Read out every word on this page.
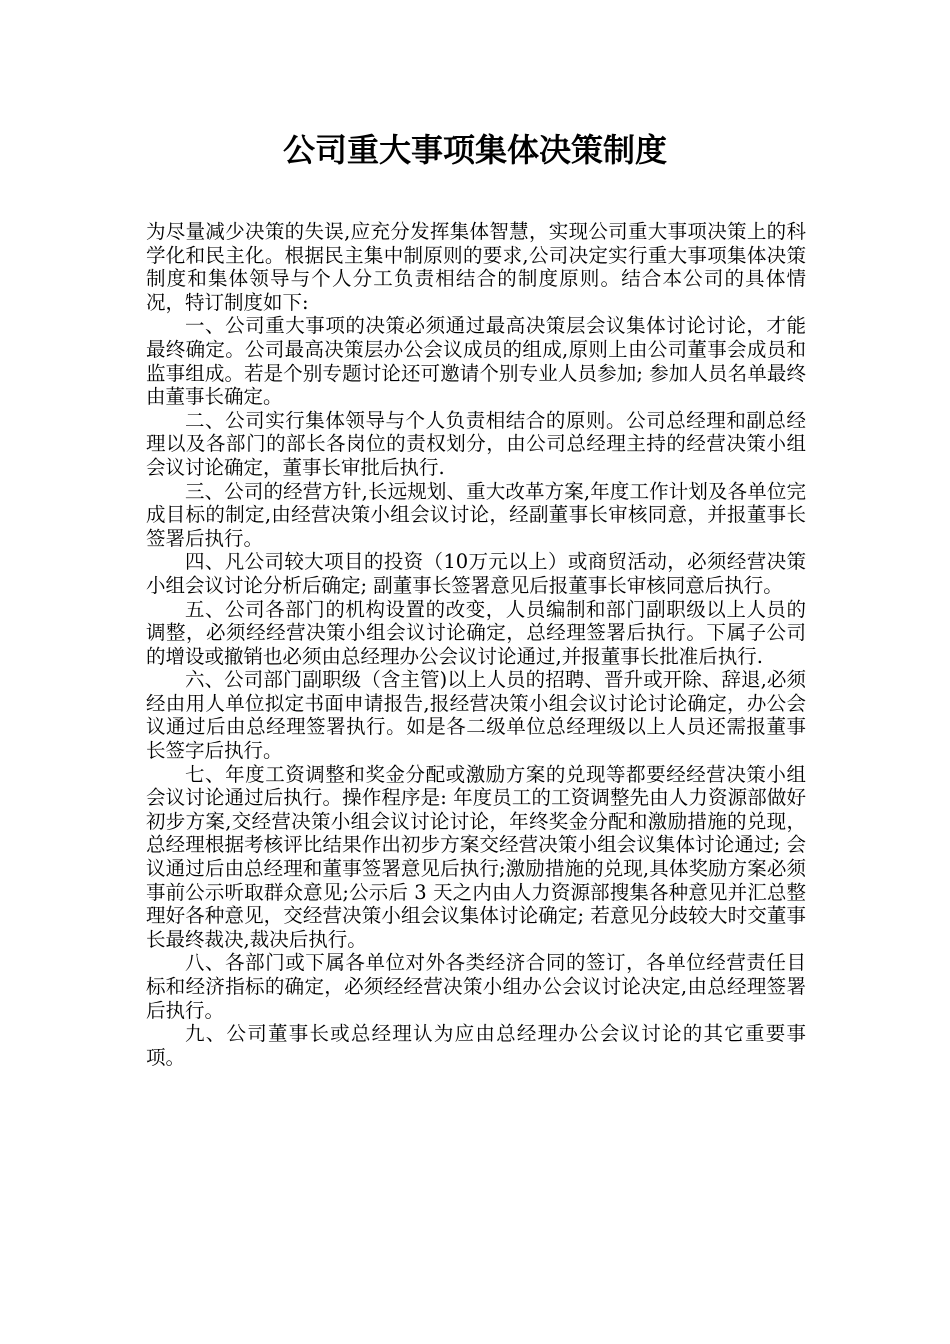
公司重大事项集体决策制度

为尽量减少决策的失误,应充分发挥集体智慧，实现公司重大事项决策上的科学化和民主化。根据民主集中制原则的要求,公司决定实行重大事项集体决策制度和集体领导与个人分工负责相结合的制度原则。结合本公司的具体情况，特订制度如下:

一、公司重大事项的决策必须通过最高决策层会议集体讨论讨论，才能最终确定。公司最高决策层办公会议成员的组成,原则上由公司董事会成员和监事组成。若是个别专题讨论还可邀请个别专业人员参加; 参加人员名单最终由董事长确定。

二、公司实行集体领导与个人负责相结合的原则。公司总经理和副总经理以及各部门的部长各岗位的责权划分，由公司总经理主持的经营决策小组会议讨论确定，董事长审批后执行.

三、公司的经营方针,长远规划、重大改革方案,年度工作计划及各单位完成目标的制定,由经营决策小组会议讨论，经副董事长审核同意，并报董事长签署后执行。

四、凡公司较大项目的投资（10万元以上）或商贸活动，必须经营决策小组会议讨论分析后确定; 副董事长签署意见后报董事长审核同意后执行。

五、公司各部门的机构设置的改变，人员编制和部门副职级以上人员的调整，必须经经营决策小组会议讨论确定，总经理签署后执行。下属子公司的增设或撤销也必须由总经理办公会议讨论通过,并报董事长批准后执行.

六、公司部门副职级（含主管)以上人员的招聘、晋升或开除、辞退,必须经由用人单位拟定书面申请报告,报经营决策小组会议讨论讨论确定，办公会议通过后由总经理签署执行。如是各二级单位总经理级以上人员还需报董事长签字后执行。

七、年度工资调整和奖金分配或激励方案的兑现等都要经经营决策小组会议讨论通过后执行。操作程序是: 年度员工的工资调整先由人力资源部做好初步方案,交经营决策小组会议讨论讨论，年终奖金分配和激励措施的兑现，总经理根据考核评比结果作出初步方案交经营决策小组会议集体讨论通过; 会议通过后由总经理和董事签署意见后执行;激励措施的兑现,具体奖励方案必须事前公示听取群众意见;公示后 3 天之内由人力资源部搜集各种意见并汇总整理好各种意见，交经营决策小组会议集体讨论确定; 若意见分歧较大时交董事长最终裁决,裁决后执行。

八、各部门或下属各单位对外各类经济合同的签订，各单位经营责任目标和经济指标的确定，必须经经营决策小组办公会议讨论决定,由总经理签署后执行。

九、公司董事长或总经理认为应由总经理办公会议讨论的其它重要事项。
